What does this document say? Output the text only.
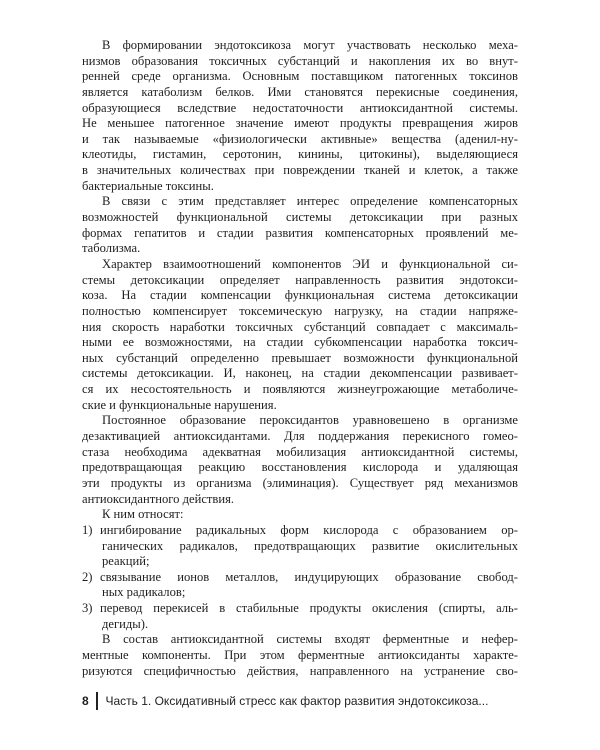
В формировании эндотоксикоза могут участвовать несколько меха-
низмов образования токсичных субстанций и накопления их во внут-
ренней среде организма. Основным поставщиком патогенных токсинов
является катаболизм белков. Ими становятся перекисные соединения,
образующиеся вследствие недостаточности антиоксидантной системы.
Не меньшее патогенное значение имеют продукты превращения жиров
и так называемые «физиологически активные» вещества (аденил-ну-
клеотиды, гистамин, серотонин, кинины, цитокины), выделяющиеся
в значительных количествах при повреждении тканей и клеток, а также
бактериальные токсины.
В связи с этим представляет интерес определение компенсаторных
возможностей функциональной системы детоксикации при разных
формах гепатитов и стадии развития компенсаторных проявлений ме-
таболизма.
Характер взаимоотношений компонентов ЭИ и функциональной си-
стемы детоксикации определяет направленность развития эндотокси-
коза. На стадии компенсации функциональная система детоксикации
полностью компенсирует токсемическую нагрузку, на стадии напряже-
ния скорость наработки токсичных субстанций совпадает с максималь-
ными ее возможностями, на стадии субкомпенсации наработка токсич-
ных субстанций определенно превышает возможности функциональной
системы детоксикации. И, наконец, на стадии декомпенсации развивает-
ся их несостоятельность и появляются жизнеугрожающие метаболиче-
ские и функциональные нарушения.
Постоянное образование пероксидантов уравновешено в организме
дезактивацией антиоксидантами. Для поддержания перекисного гомео-
стаза необходима адекватная мобилизация антиоксидантной системы,
предотвращающая реакцию восстановления кислорода и удаляющая
эти продукты из организма (элиминация). Существует ряд механизмов
антиоксидантного действия.
К ним относят:
1) ингибирование радикальных форм кислорода с образованием ор-
ганических радикалов, предотвращающих развитие окислительных
реакций;
2) связывание ионов металлов, индуцирующих образование свобод-
ных радикалов;
3) перевод перекисей в стабильные продукты окисления (спирты, аль-
дегиды).
В состав антиоксидантной системы входят ферментные и нефер-
ментные компоненты. При этом ферментные антиоксиданты характе-
ризуются специфичностью действия, направленного на устранение сво-
8	Часть 1. Оксидативный стресс как фактор развития эндотоксикоза...
